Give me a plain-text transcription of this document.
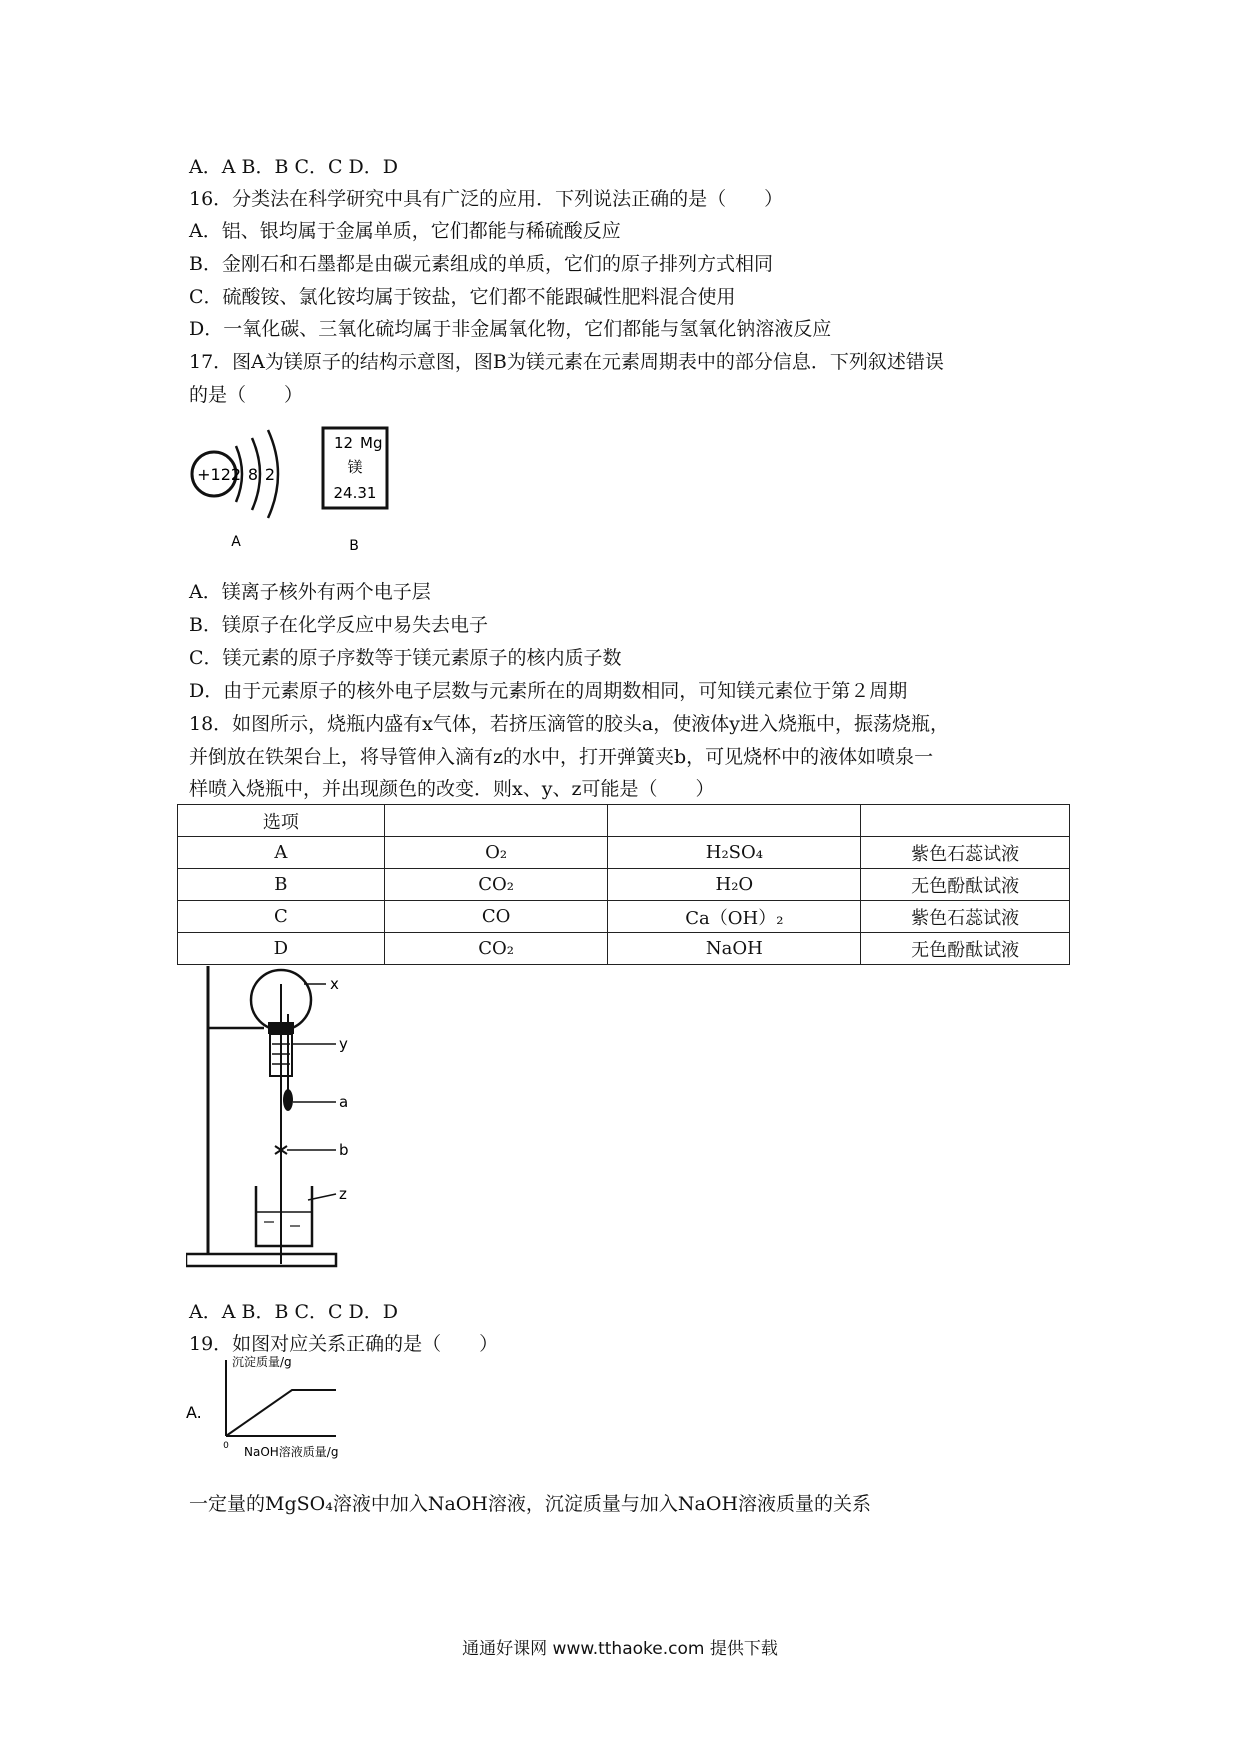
A．A B．B C．C D．D
16．分类法在科学研究中具有广泛的应用．下列说法正确的是（　　）
A．铝、银均属于金属单质，它们都能与稀硫酸反应
B．金刚石和石墨都是由碳元素组成的单质，它们的原子排列方式相同
C．硫酸铵、氯化铵均属于铵盐，它们都不能跟碱性肥料混合使用
D．一氧化碳、三氧化硫均属于非金属氧化物，它们都能与氢氧化钠溶液反应
17．图A为镁原子的结构示意图，图B为镁元素在元素周期表中的部分信息．下列叙述错误
的是（　　）
+12 2 8 2
A
12 Mg
镁
24.31
B
A．镁离子核外有两个电子层
B．镁原子在化学反应中易失去电子
C．镁元素的原子序数等于镁元素原子的核内质子数
D．由于元素原子的核外电子层数与元素所在的周期数相同，可知镁元素位于第２周期
18．如图所示，烧瓶内盛有x气体，若挤压滴管的胶头a，使液体y进入烧瓶中，振荡烧瓶，
并倒放在铁架台上，将导管伸入滴有z的水中，打开弹簧夹b，可见烧杯中的液体如喷泉一
样喷入烧瓶中，并出现颜色的改变．则x、y、z可能是（　　）
选项			
A	O₂	H₂SO₄	紫色石蕊试液
B	CO₂	H₂O	无色酚酞试液
C	CO	Ca（OH）₂	紫色石蕊试液
D	CO₂	NaOH	无色酚酞试液
x
y
a
b
z
A．A B．B C．C D．D
19．如图对应关系正确的是（　　）
A.
沉淀质量/g
0 NaOH溶液质量/g
一定量的MgSO₄溶液中加入NaOH溶液，沉淀质量与加入NaOH溶液质量的关系
通通好课网 www.tthaoke.com 提供下载
